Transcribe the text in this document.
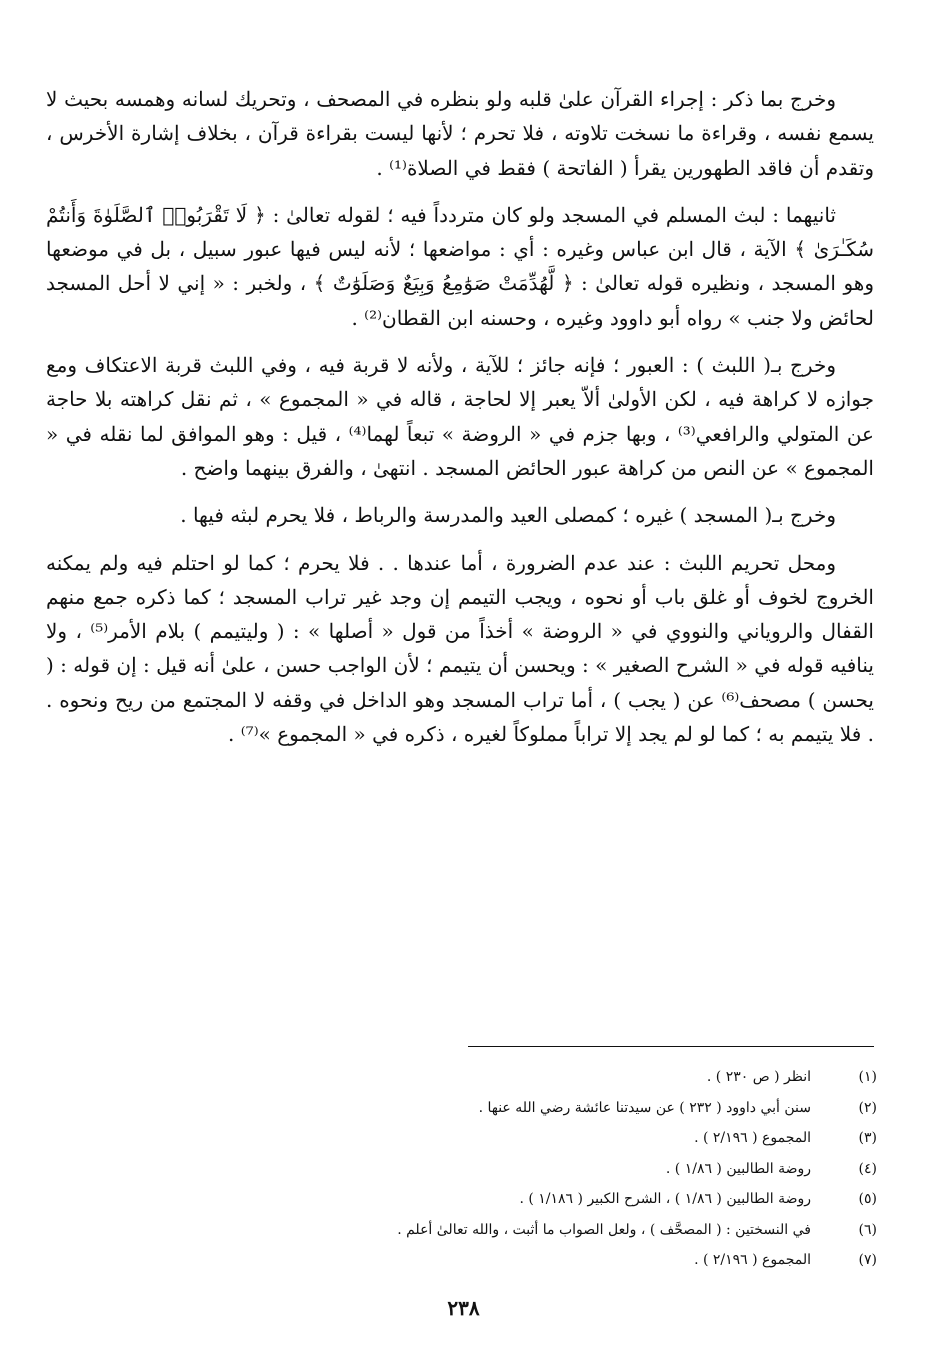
وخرج بما ذكر : إجراء القرآن علىٰ قلبه ولو بنظره في المصحف ، وتحريك لسانه وهمسه بحيث لا يسمع نفسه ، وقراءة ما نسخت تلاوته ، فلا تحرم ؛ لأنها ليست بقراءة قرآن ، بخلاف إشارة الأخرس ، وتقدم أن فاقد الطهورين يقرأ ( الفاتحة ) فقط في الصلاة⁽¹⁾ .

ثانيهما : لبث المسلم في المسجد ولو كان متردداً فيه ؛ لقوله تعالىٰ : ﴿ لَا تَقْرَبُوا۟ ٱلصَّلَوٰةَ وَأَنتُمْ سُكَـٰرَىٰ ﴾ الآية ، قال ابن عباس وغيره : أي : مواضعها ؛ لأنه ليس فيها عبور سبيل ، بل في موضعها وهو المسجد ، ونظيره قوله تعالىٰ : ﴿ لَّهُدِّمَتْ صَوَٰمِعُ وَبِيَعٌ وَصَلَوَٰتٌ ﴾ ، ولخبر : « إني لا أحل المسجد لحائض ولا جنب » رواه أبو داوود وغيره ، وحسنه ابن القطان⁽²⁾ .

وخرج بـ( اللبث ) : العبور ؛ فإنه جائز ؛ للآية ، ولأنه لا قربة فيه ، وفي اللبث قربة الاعتكاف ومع جوازه لا كراهة فيه ، لكن الأولىٰ ألاّ يعبر إلا لحاجة ، قاله في « المجموع » ، ثم نقل كراهته بلا حاجة عن المتولي والرافعي⁽³⁾ ، وبها جزم في « الروضة » تبعاً لهما⁽⁴⁾ ، قيل : وهو الموافق لما نقله في « المجموع » عن النص من كراهة عبور الحائض المسجد . انتهىٰ ، والفرق بينهما واضح .

وخرج بـ( المسجد ) غيره ؛ كمصلى العيد والمدرسة والرباط ، فلا يحرم لبثه فيها .

ومحل تحريم اللبث : عند عدم الضرورة ، أما عندها . . فلا يحرم ؛ كما لو احتلم فيه ولم يمكنه الخروج لخوف أو غلق باب أو نحوه ، ويجب التيمم إن وجد غير تراب المسجد ؛ كما ذكره جمع منهم القفال والروياني والنووي في « الروضة » أخذاً من قول « أصلها » : ( وليتيمم ) بلام الأمر⁽⁵⁾ ، ولا ينافيه قوله في « الشرح الصغير » : ويحسن أن يتيمم ؛ لأن الواجب حسن ، علىٰ أنه قيل : إن قوله : ( يحسن ) مصحف⁽⁶⁾ عن ( يجب ) ، أما تراب المسجد وهو الداخل في وقفه لا المجتمع من ريح ونحوه . . فلا يتيمم به ؛ كما لو لم يجد إلا تراباً مملوكاً لغيره ، ذكره في « المجموع »⁽⁷⁾ .

(١)
انظر ( ص ٢٣٠ ) .
(٢)
سنن أبي داوود ( ٢٣٢ ) عن سيدتنا عائشة رضي الله عنها .
(٣)
المجموع ( ٢/١٩٦ ) .
(٤)
روضة الطالبين ( ١/٨٦ ) .
(٥)
روضة الطالبين ( ١/٨٦ ) ، الشرح الكبير ( ١/١٨٦ ) .
(٦)
في النسختين : ( المصحَّف ) ، ولعل الصواب ما أثبت ، والله تعالىٰ أعلم .
(٧)
المجموع ( ٢/١٩٦ ) .
٢٣٨
